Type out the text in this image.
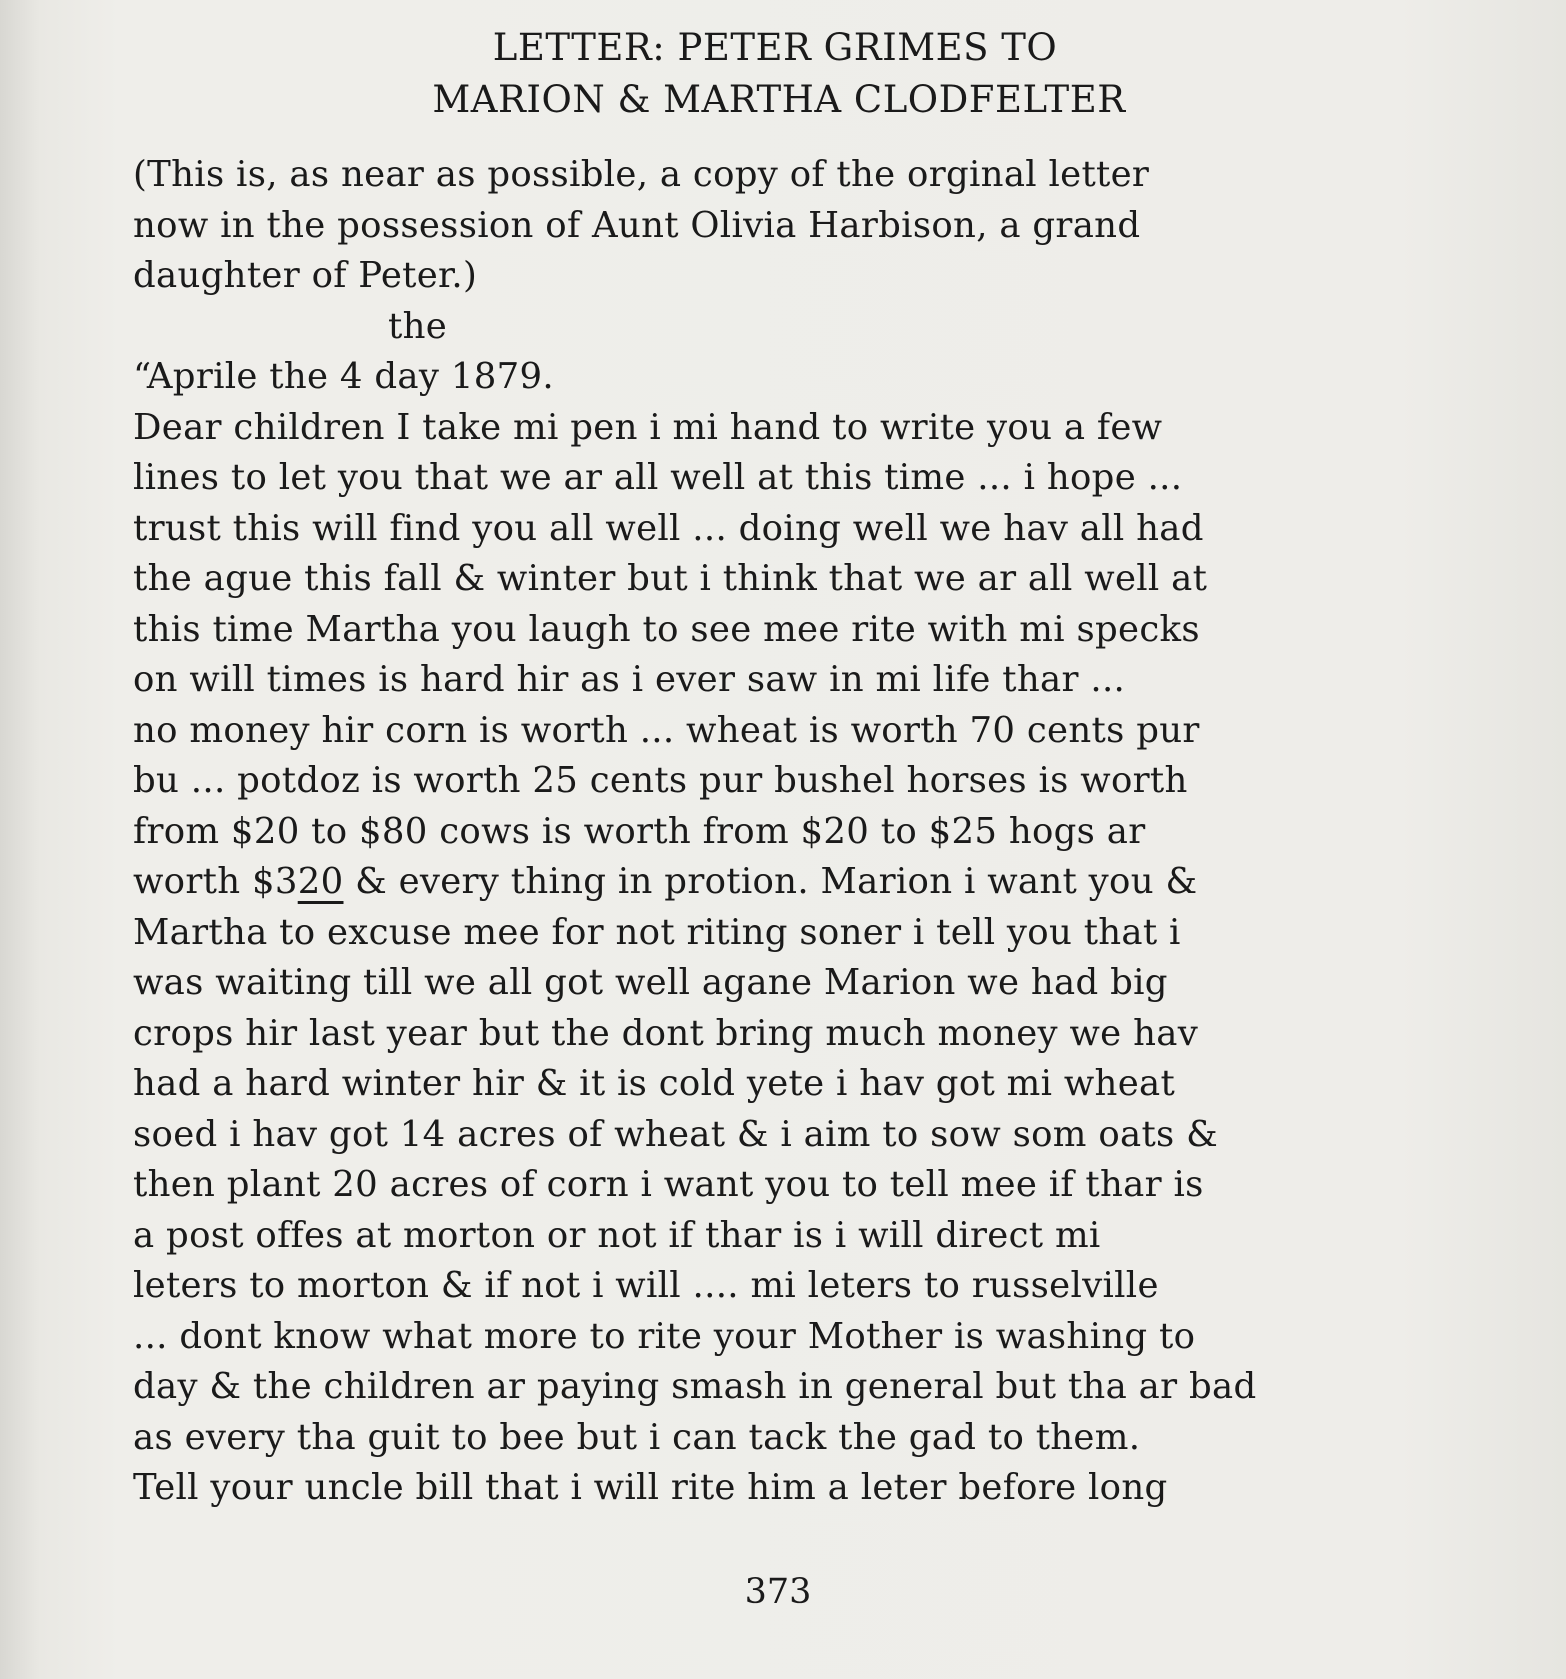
LETTER: PETER GRIMES TO
MARION & MARTHA CLODFELTER
(This is, as near as possible, a copy of the orginal letter
now in the possession of Aunt Olivia Harbison, a grand
daughter of Peter.)
the
“Aprile the 4 day 1879.
Dear children I take mi pen i mi hand to write you a few
lines to let you that we ar all well at this time ... i hope ...
trust this will find you all well ... doing well we hav all had
the ague this fall & winter but i think that we ar all well at
this time Martha you laugh to see mee rite with mi specks
on will times is hard hir as i ever saw in mi life thar ...
no money hir corn is worth ... wheat is worth 70 cents pur
bu ... potdoz is worth 25 cents pur bushel horses is worth
from $20 to $80 cows is worth from $20 to $25 hogs ar
worth $320 & every thing in protion. Marion i want you &
Martha to excuse mee for not riting soner i tell you that i
was waiting till we all got well agane Marion we had big
crops hir last year but the dont bring much money we hav
had a hard winter hir & it is cold yete i hav got mi wheat
soed i hav got 14 acres of wheat & i aim to sow som oats &
then plant 20 acres of corn i want you to tell mee if thar is
a post offes at morton or not if thar is i will direct mi
leters to morton & if not i will .... mi leters to russelville
... dont know what more to rite your Mother is washing to
day & the children ar paying smash in general but tha ar bad
as every tha guit to bee but i can tack the gad to them.
Tell your uncle bill that i will rite him a leter before long
373
